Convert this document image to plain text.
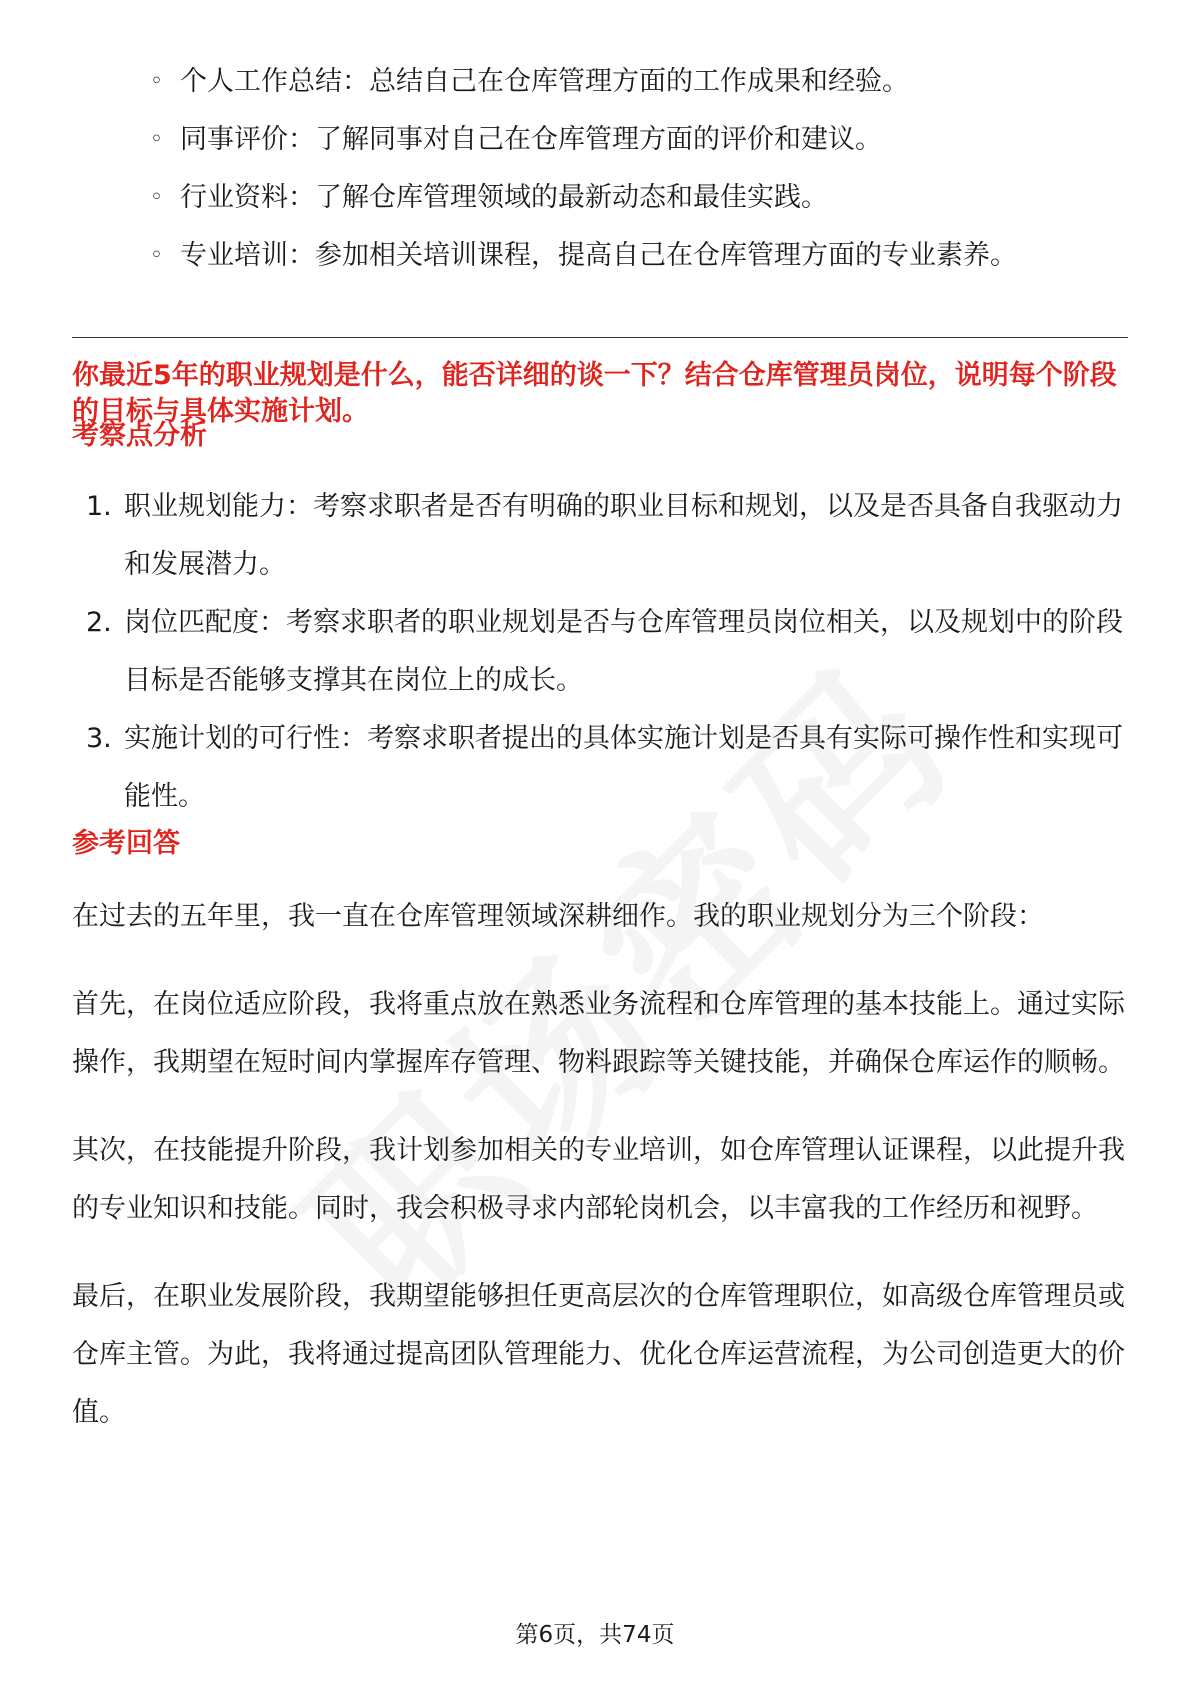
◦ 个人工作总结：总结自己在仓库管理方面的工作成果和经验。
◦ 同事评价：了解同事对自己在仓库管理方面的评价和建议。
◦ 行业资料：了解仓库管理领域的最新动态和最佳实践。
◦ 专业培训：参加相关培训课程，提高自己在仓库管理方面的专业素养。
你最近5年的职业规划是什么，能否详细的谈一下？结合仓库管理员岗位，说明每个阶段的目标与具体实施计划。
考察点分析
1. 职业规划能力：考察求职者是否有明确的职业目标和规划，以及是否具备自我驱动力和发展潜力。
2. 岗位匹配度：考察求职者的职业规划是否与仓库管理员岗位相关，以及规划中的阶段目标是否能够支撑其在岗位上的成长。
3. 实施计划的可行性：考察求职者提出的具体实施计划是否具有实际可操作性和实现可能性。
参考回答

在过去的五年里，我一直在仓库管理领域深耕细作。我的职业规划分为三个阶段：

首先，在岗位适应阶段，我将重点放在熟悉业务流程和仓库管理的基本技能上。通过实际操作，我期望在短时间内掌握库存管理、物料跟踪等关键技能，并确保仓库运作的顺畅。

其次，在技能提升阶段，我计划参加相关的专业培训，如仓库管理认证课程，以此提升我的专业知识和技能。同时，我会积极寻求内部轮岗机会，以丰富我的工作经历和视野。

最后，在职业发展阶段，我期望能够担任更高层次的仓库管理职位，如高级仓库管理员或仓库主管。为此，我将通过提高团队管理能力、优化仓库运营流程，为公司创造更大的价值。

第6页，共74页
